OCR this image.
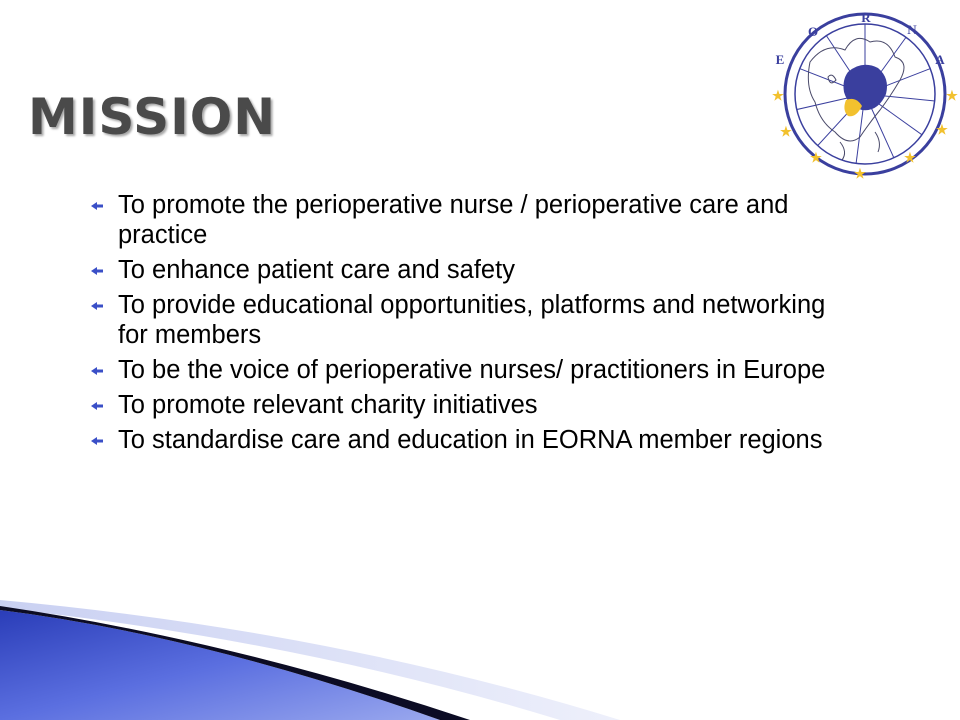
O
R
N
E	A
★
★
★
★
★
★
★
MISSION
To promote the perioperative nurse / perioperative care and practice
To enhance patient care and safety
To provide educational opportunities, platforms and networking for members
To be the voice of perioperative nurses/ practitioners in Europe
To promote relevant charity initiatives
To standardise care and education in EORNA member regions
